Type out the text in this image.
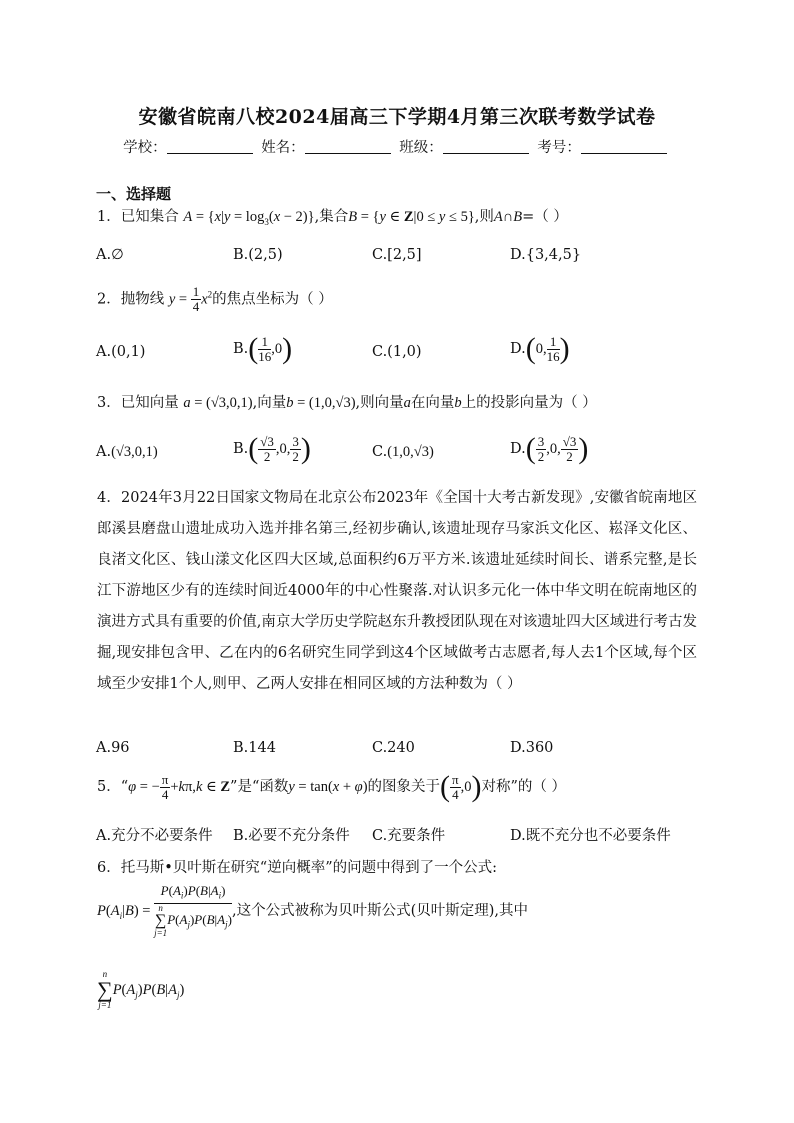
安徽省皖南八校2024届高三下学期4月第三次联考数学试卷
学校：	姓名：	班级：	考号：
一、选择题
1．已知集合 $A = \{x|y = \log_3(x - 2)\}$,集合B = {y ∈ Z|0 ≤ y ≤ 5},则A∩B=（ ）
A.∅	B.(2,5)	C.[2,5]	D.{3,4,5}
2．抛物线 $y = \frac{1}{4} x^2$的焦点坐标为（ ）
A.(0,1)	$B.( \frac{1}{16} ,0)$	C.(1,0)	D.(0, $\frac{1}{16}$ )
3．已知向量 a = (√3,0,1),向量b = (1,0,√3),则向量a在向量b上的投影向量为（ ）
A.(√3,0,1)	$B.( \frac{√3}{2} ,0$, $\frac{3}{2}$ )	C.(1,0,√3)	$D.( \frac{3}{2} ,0$, $\frac{√3}{2}$ )
4．2024年3月22日国家文物局在北京公布2023年《全国十大考古新发现》,安徽省皖南地区郎溪县磨盘山遗址成功入选并排名第三,经初步确认,该遗址现存马家浜文化区、崧泽文化区、良渚文化区、钱山漾文化区四大区域,总面积约6万平方米.该遗址延续时间长、谱系完整,是长江下游地区少有的连续时间近4000年的中心性聚落.对认识多元化一体中华文明在皖南地区的演进方式具有重要的价值,南京大学历史学院赵东升教授团队现在对该遗址四大区域进行考古发掘,现安排包含甲、乙在内的6名研究生同学到这4个区域做考古志愿者,每人去1个区域,每个区域至少安排1个人,则甲、乙两人安排在相同区域的方法种数为（ ）
A.96	B.144	C.240	D.360
5．“φ = − $\frac{\pi}{4} +k\pi,k$ ∈ Z”是“函数y = tan(x + φ)的图象关于( $\frac{\pi}{4} ,0$)对称”的（ ）
A.充分不必要条件 B.必要不充分条件 C.充要条件	D.既不充分也不必要条件
6．托马斯•贝叶斯在研究“逆向概率”的问题中得到了一个公式:
$P(A_i|B) = P(A_i)P(B|A_i)$
n
∑
j=1
$P(A_j)P(B|A_j)$ ,这个公式被称为贝叶斯公式(贝叶斯定理),其中
n
∑
j=1
$P(A_j)P(B|A_j)$
